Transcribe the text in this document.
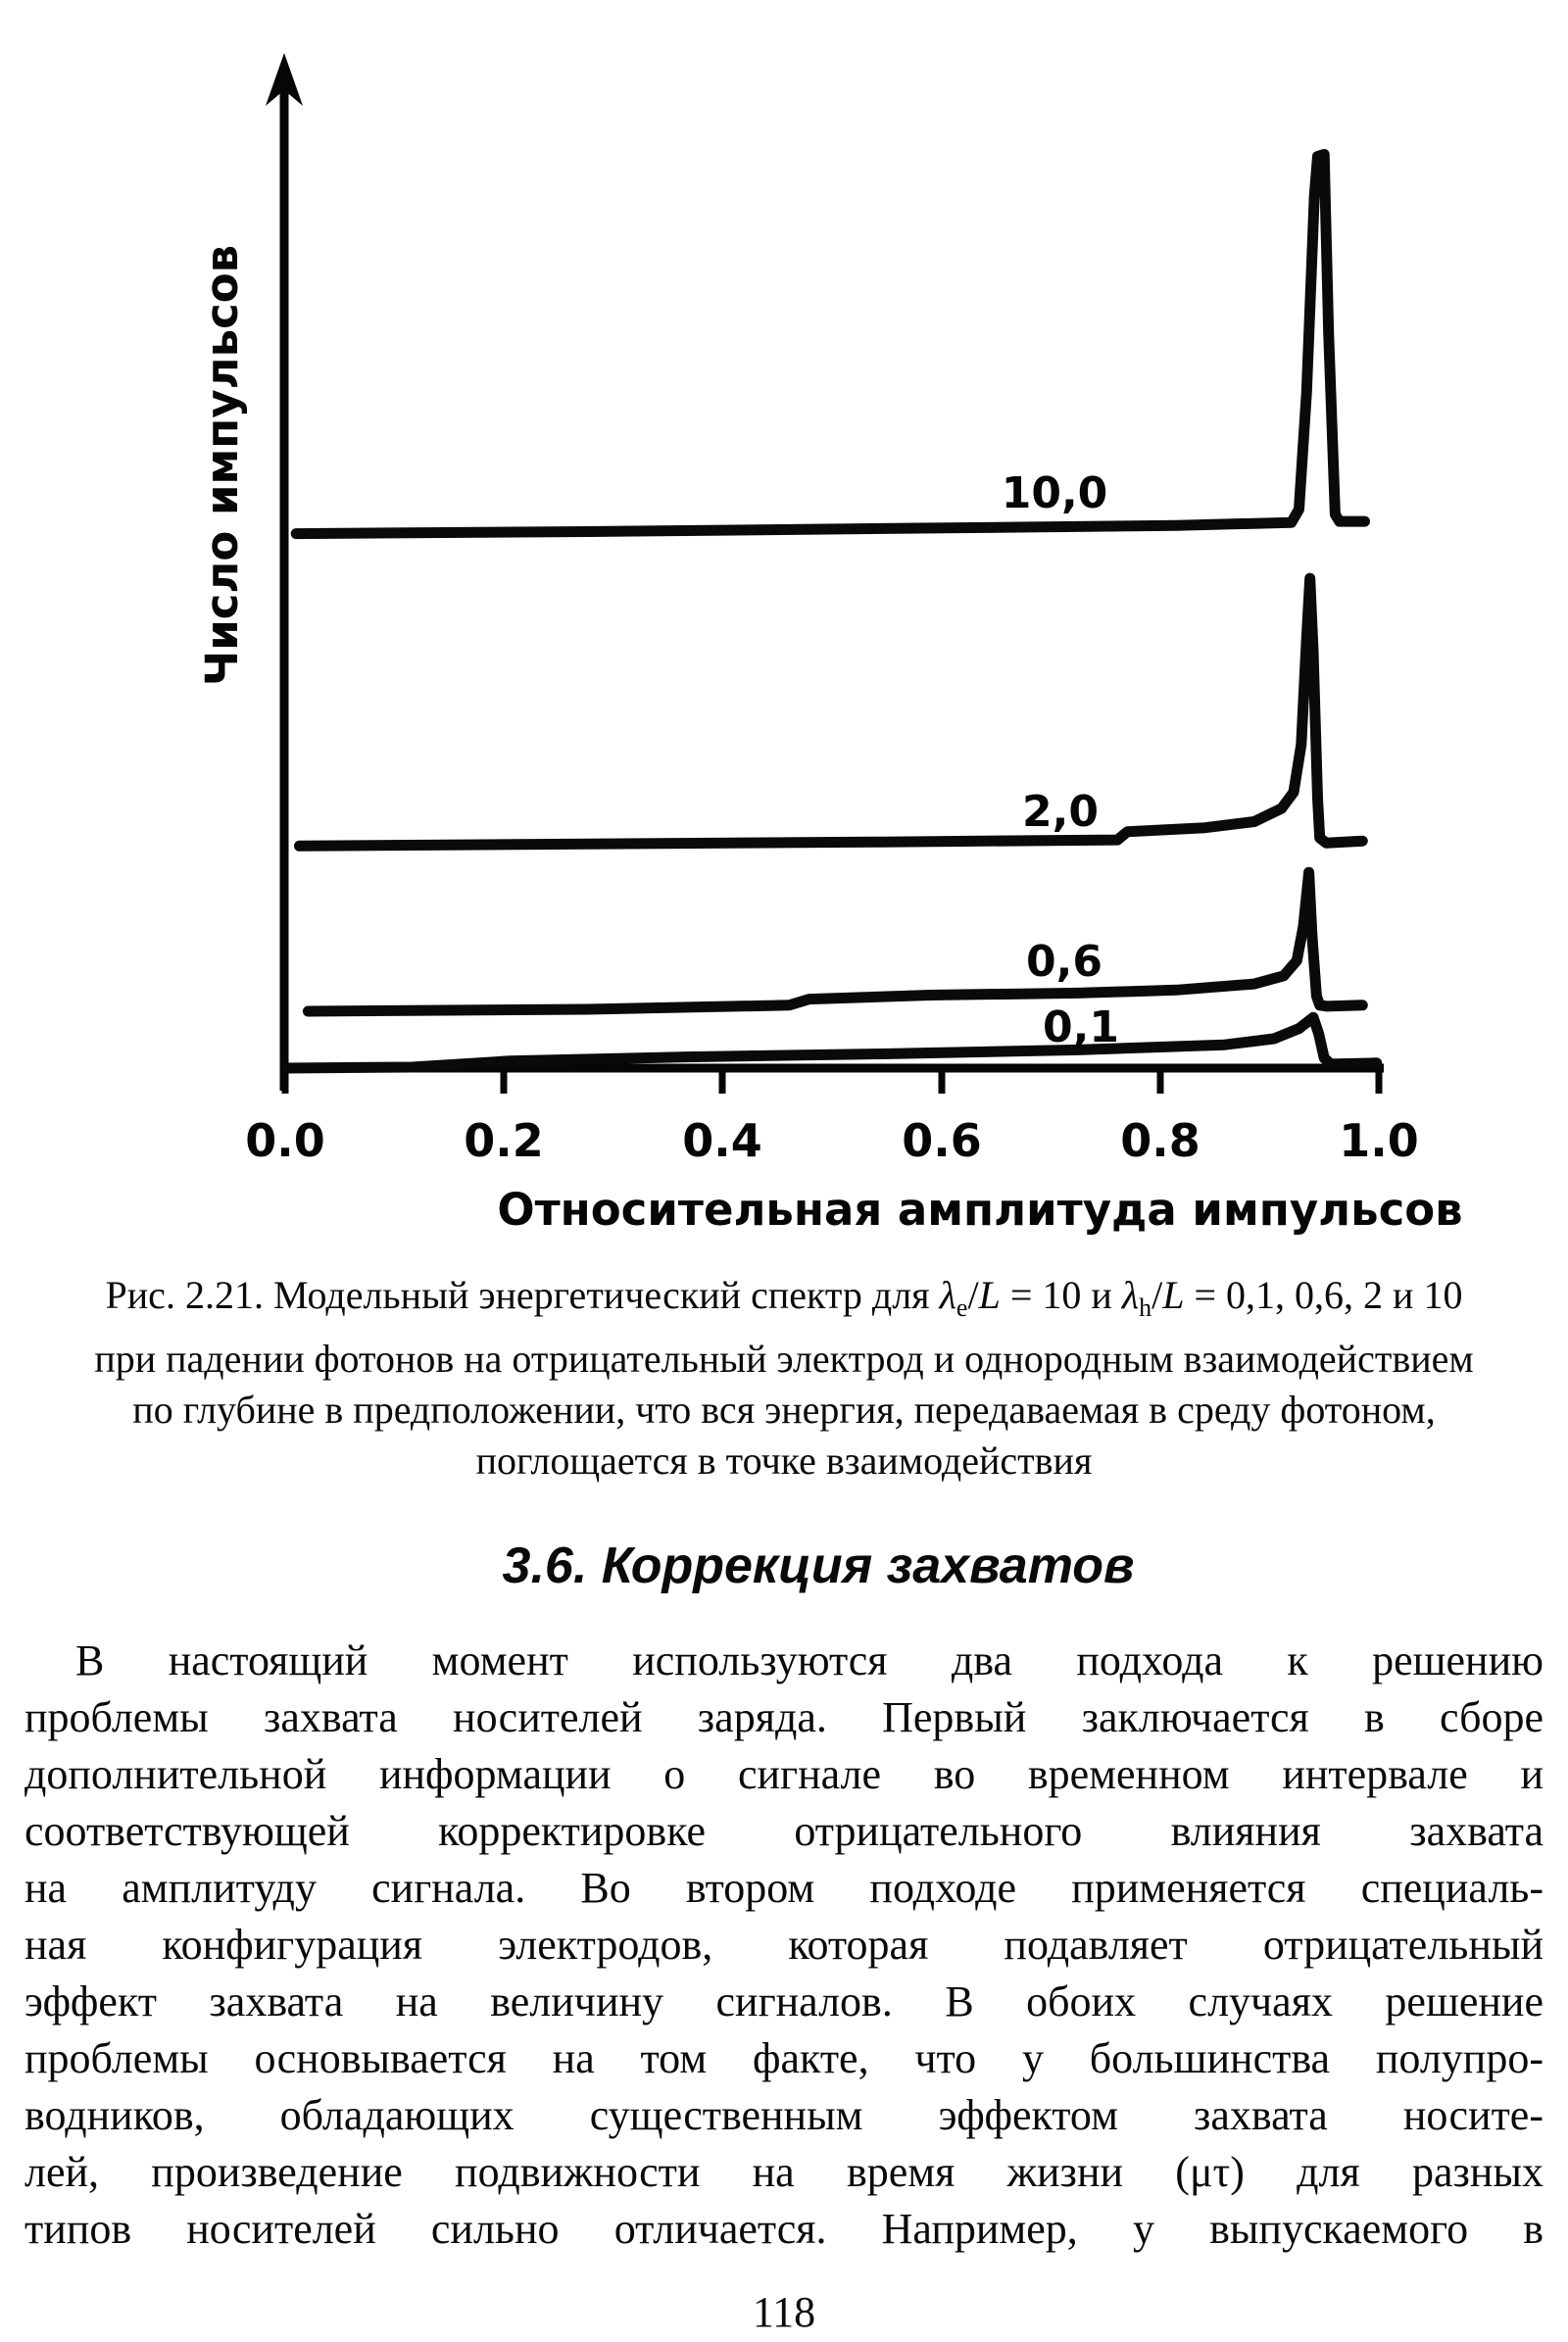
0.0	0.2	0.4	0.6	0.8	1.0
10,0
2,0
0,6
0,1
Относительная амплитуда импульсов
Число импульсов
Рис. 2.21. Модельный энергетический спектр для $\lambda_e/L = 10$ и $\lambda_h/L = 0,1$, 0,6, 2 и 10
при падении фотонов на отрицательный электрод и однородным взаимодействием
по глубине в предположении, что вся энергия, передаваемая в среду фотоном,
поглощается в точке взаимодействия
3.6. Коррекция захватов
В настоящий момент используются два подхода к решению
проблемы захвата носителей заряда. Первый заключается в сборе
дополнительной информации о сигнале во временном интервале и
соответствующей корректировке отрицательного влияния захвата
на амплитуду сигнала. Во втором подходе применяется специаль-
ная конфигурация электродов, которая подавляет отрицательный
эффект захвата на величину сигналов. В обоих случаях решение
проблемы основывается на том факте, что у большинства полупро-
водников, обладающих существенным эффектом захвата носите-
лей, произведение подвижности на время жизни (μτ) для разных
типов носителей сильно отличается. Например, у выпускаемого в
118
